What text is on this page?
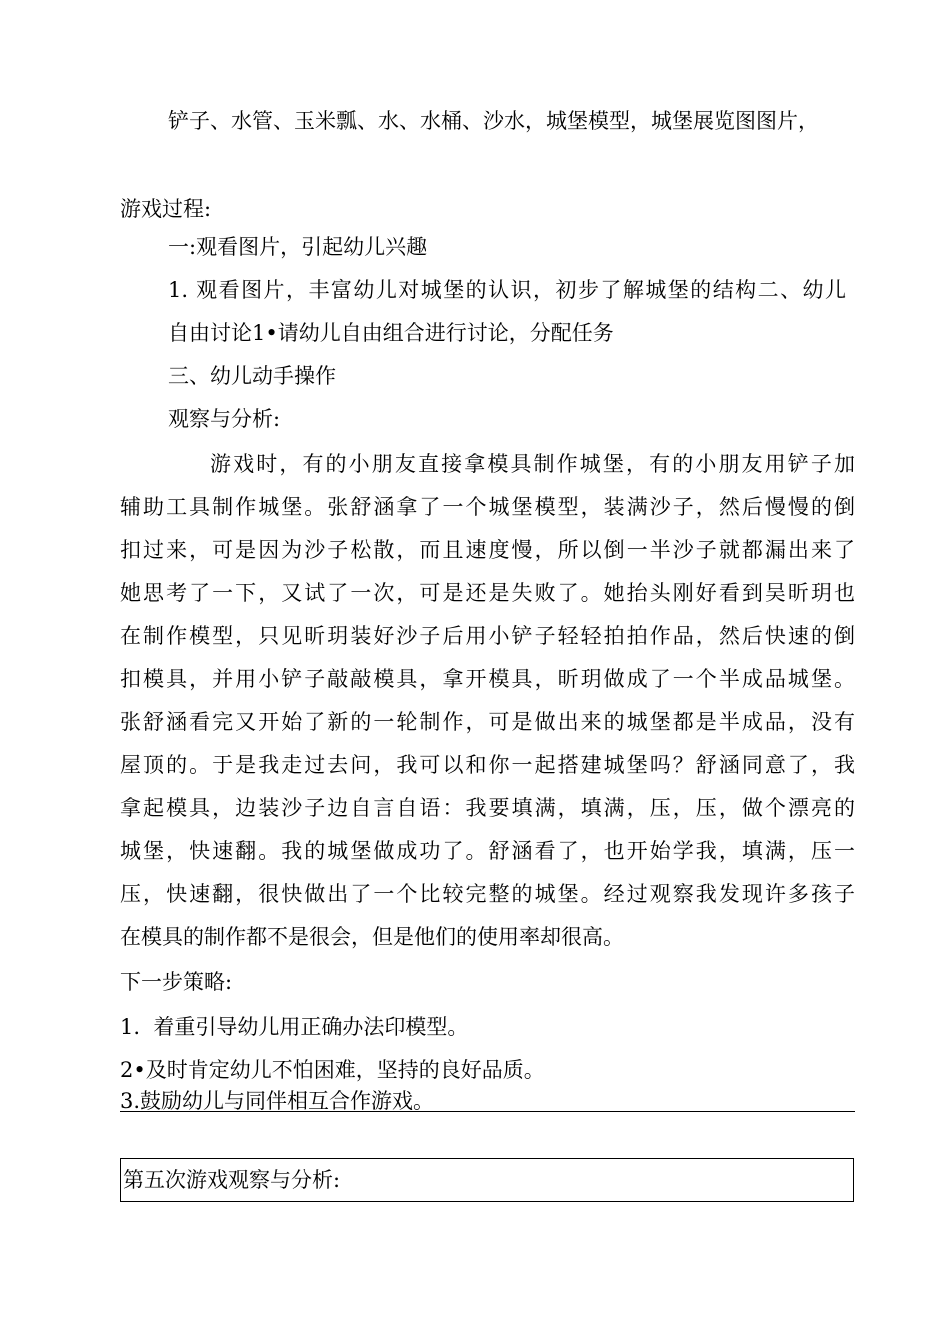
铲子、水管、玉米瓢、水、水桶、沙水，城堡模型，城堡展览图图片，
游戏过程:
一:观看图片，引起幼儿兴趣
1. 观看图片，丰富幼儿对城堡的认识，初步了解城堡的结构二、幼儿
自由讨论1•请幼儿自由组合进行讨论，分配任务
三、幼儿动手操作
观察与分析:
游戏时，有的小朋友直接拿模具制作城堡，有的小朋友用铲子加
辅助工具制作城堡。张舒涵拿了一个城堡模型，装满沙子，然后慢慢的倒
扣过来，可是因为沙子松散，而且速度慢，所以倒一半沙子就都漏出来了
她思考了一下，又试了一次，可是还是失败了。她抬头刚好看到吴昕玥也
在制作模型，只见昕玥装好沙子后用小铲子轻轻拍拍作品，然后快速的倒
扣模具，并用小铲子敲敲模具，拿开模具，昕玥做成了一个半成品城堡。
张舒涵看完又开始了新的一轮制作，可是做出来的城堡都是半成品，没有
屋顶的。于是我走过去问，我可以和你一起搭建城堡吗？舒涵同意了，我
拿起模具，边装沙子边自言自语：我要填满，填满，压，压，做个漂亮的
城堡，快速翻。我的城堡做成功了。舒涵看了，也开始学我，填满，压一
压，快速翻，很快做出了一个比较完整的城堡。经过观察我发现许多孩子
在模具的制作都不是很会，但是他们的使用率却很高。
下一步策略:
1.  着重引导幼儿用正确办法印模型。
2•及时肯定幼儿不怕困难，坚持的良好品质。
3.鼓励幼儿与同伴相互合作游戏。
第五次游戏观察与分析:
